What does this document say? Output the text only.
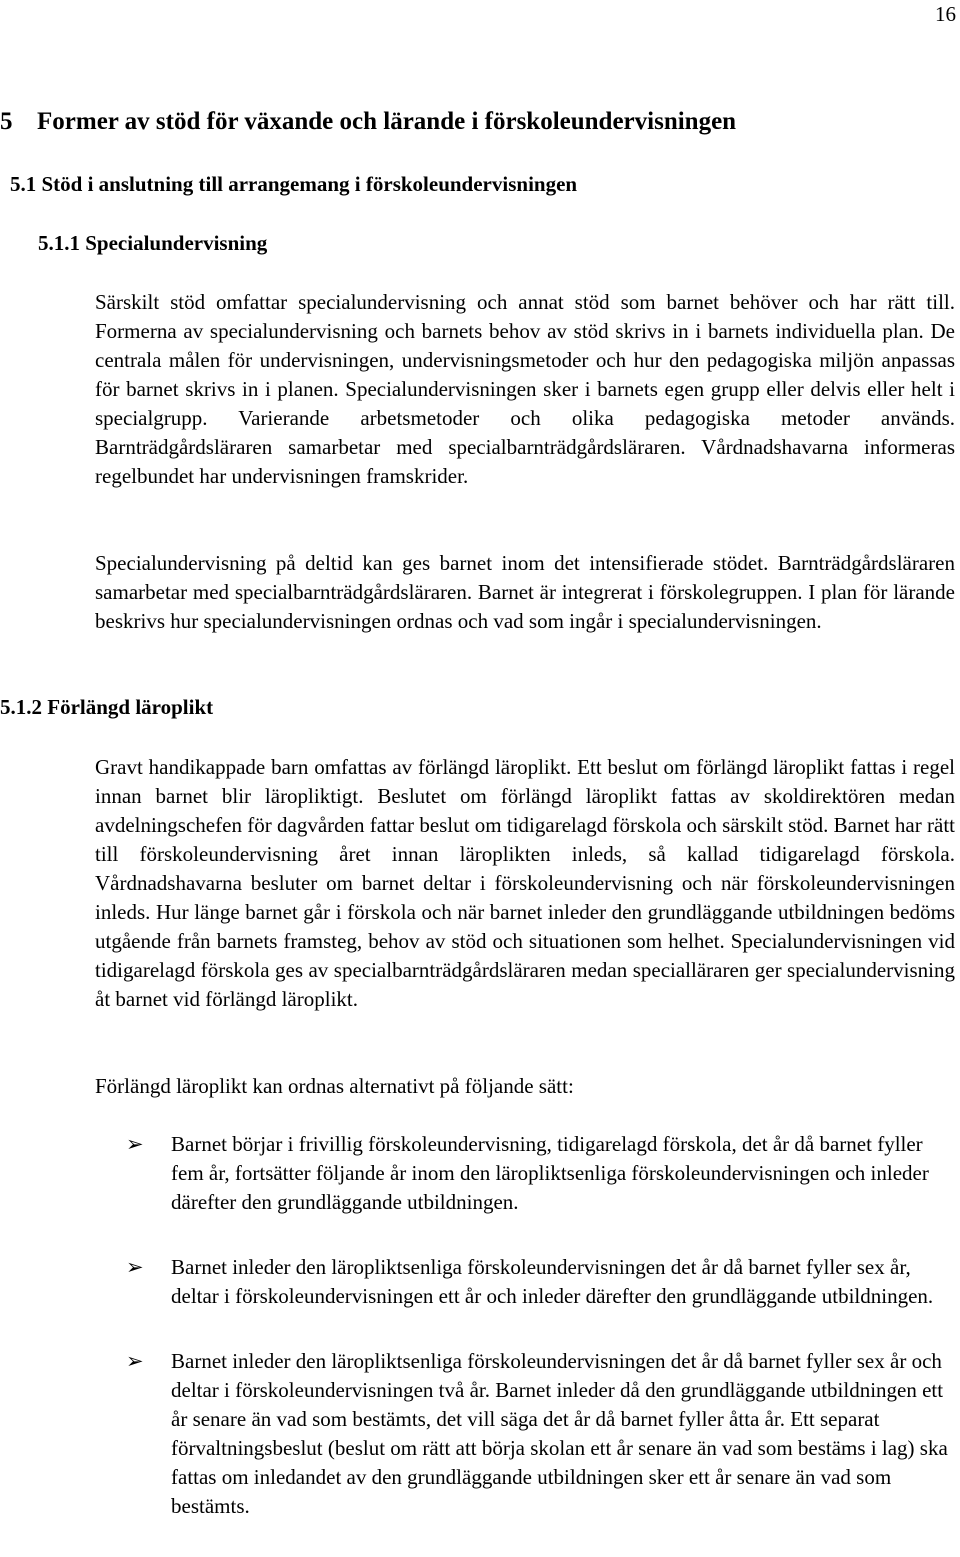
16
5 Former av stöd för växande och lärande i förskoleundervisningen
5.1 Stöd i anslutning till arrangemang i förskoleundervisningen
5.1.1 Specialundervisning

Särskilt stöd omfattar specialundervisning och annat stöd som barnet behöver och har rätt till. Formerna av specialundervisning och barnets behov av stöd skrivs in i barnets individuella plan. De centrala målen för undervisningen, undervisningsmetoder och hur den pedagogiska miljön anpassas för barnet skrivs in i planen. Specialundervisningen sker i barnets egen grupp eller delvis eller helt i specialgrupp. Varierande arbetsmetoder och olika pedagogiska metoder används. Barnträdgårdsläraren samarbetar med specialbarnträdgårdsläraren. Vårdnadshavarna informeras regelbundet har undervisningen framskrider.

Specialundervisning på deltid kan ges barnet inom det intensifierade stödet. Barnträdgårdsläraren samarbetar med specialbarnträdgårdsläraren. Barnet är integrerat i förskolegruppen. I plan för lärande beskrivs hur specialundervisningen ordnas och vad som ingår i specialundervisningen.

5.1.2 Förlängd läroplikt

Gravt handikappade barn omfattas av förlängd läroplikt. Ett beslut om förlängd läroplikt fattas i regel innan barnet blir läropliktigt. Beslutet om förlängd läroplikt fattas av skoldirektören medan avdelningschefen för dagvården fattar beslut om tidigarelagd förskola och särskilt stöd. Barnet har rätt till förskoleundervisning året innan läroplikten inleds, så kallad tidigarelagd förskola. Vårdnadshavarna besluter om barnet deltar i förskoleundervisning och när förskoleundervisningen inleds. Hur länge barnet går i förskola och när barnet inleder den grundläggande utbildningen bedöms utgående från barnets framsteg, behov av stöd och situationen som helhet. Specialundervisningen vid tidigarelagd förskola ges av specialbarnträdgårdsläraren medan specialläraren ger specialundervisning åt barnet vid förlängd läroplikt.

Förlängd läroplikt kan ordnas alternativt på följande sätt:

➢ Barnet börjar i frivillig förskoleundervisning, tidigarelagd förskola, det år då barnet fyller fem år, fortsätter följande år inom den läropliktsenliga förskoleundervisningen och inleder därefter den grundläggande utbildningen.
➢ Barnet inleder den läropliktsenliga förskoleundervisningen det år då barnet fyller sex år, deltar i förskoleundervisningen ett år och inleder därefter den grundläggande utbildningen.
➢ Barnet inleder den läropliktsenliga förskoleundervisningen det år då barnet fyller sex år och deltar i förskoleundervisningen två år. Barnet inleder då den grundläggande utbildningen ett år senare än vad som bestämts, det vill säga det år då barnet fyller åtta år. Ett separat förvaltningsbeslut (beslut om rätt att börja skolan ett år senare än vad som bestäms i lag) ska fattas om inledandet av den grundläggande utbildningen sker ett år senare än vad som bestämts.
